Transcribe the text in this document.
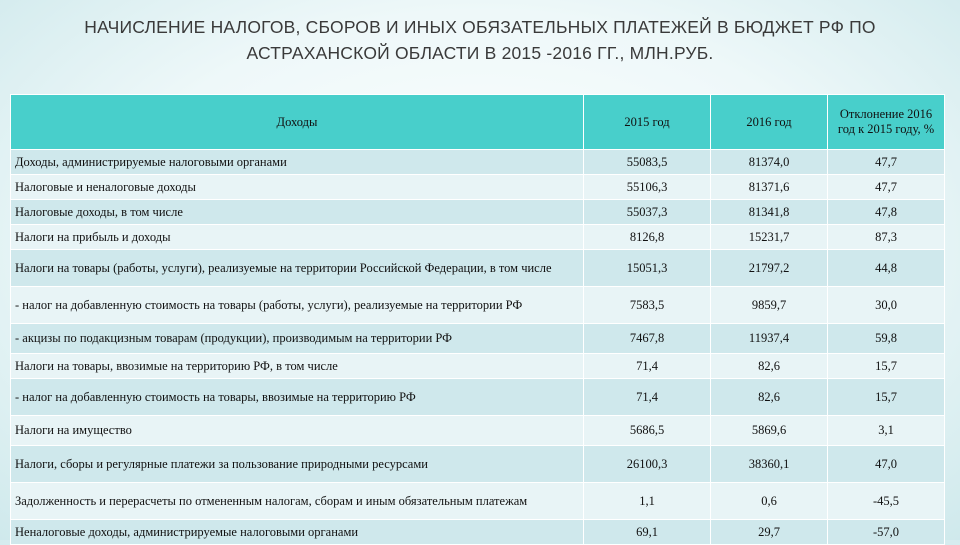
НАЧИСЛЕНИЕ НАЛОГОВ, СБОРОВ И ИНЫХ ОБЯЗАТЕЛЬНЫХ ПЛАТЕЖЕЙ В БЮДЖЕТ РФ ПО
АСТРАХАНСКОЙ ОБЛАСТИ В 2015 -2016 ГГ., МЛН.РУБ.
Доходы	2015 год	2016 год	Отклонение 2016 год к 2015 году, %
Доходы, администрируемые налоговыми органами	55083,5	81374,0	47,7
Налоговые и неналоговые доходы	55106,3	81371,6	47,7
Налоговые доходы, в том числе	55037,3	81341,8	47,8
Налоги на прибыль и доходы	8126,8	15231,7	87,3
Налоги на товары (работы, услуги), реализуемые на территории Российской Федерации, в том числе	15051,3	21797,2	44,8
- налог на добавленную стоимость на товары (работы, услуги), реализуемые на территории РФ	7583,5	9859,7	30,0
- акцизы по подакцизным товарам (продукции), производимым на территории РФ	7467,8	11937,4	59,8
Налоги на товары, ввозимые на территорию РФ, в том числе	71,4	82,6	15,7
- налог на добавленную стоимость на товары, ввозимые на территорию РФ	71,4	82,6	15,7
Налоги на имущество	5686,5	5869,6	3,1
Налоги, сборы и регулярные платежи за пользование природными ресурсами	26100,3	38360,1	47,0
Задолженность и перерасчеты по отмененным налогам, сборам и иным обязательным платежам	1,1	0,6	-45,5
Неналоговые доходы, администрируемые налоговыми органами	69,1	29,7	-57,0
